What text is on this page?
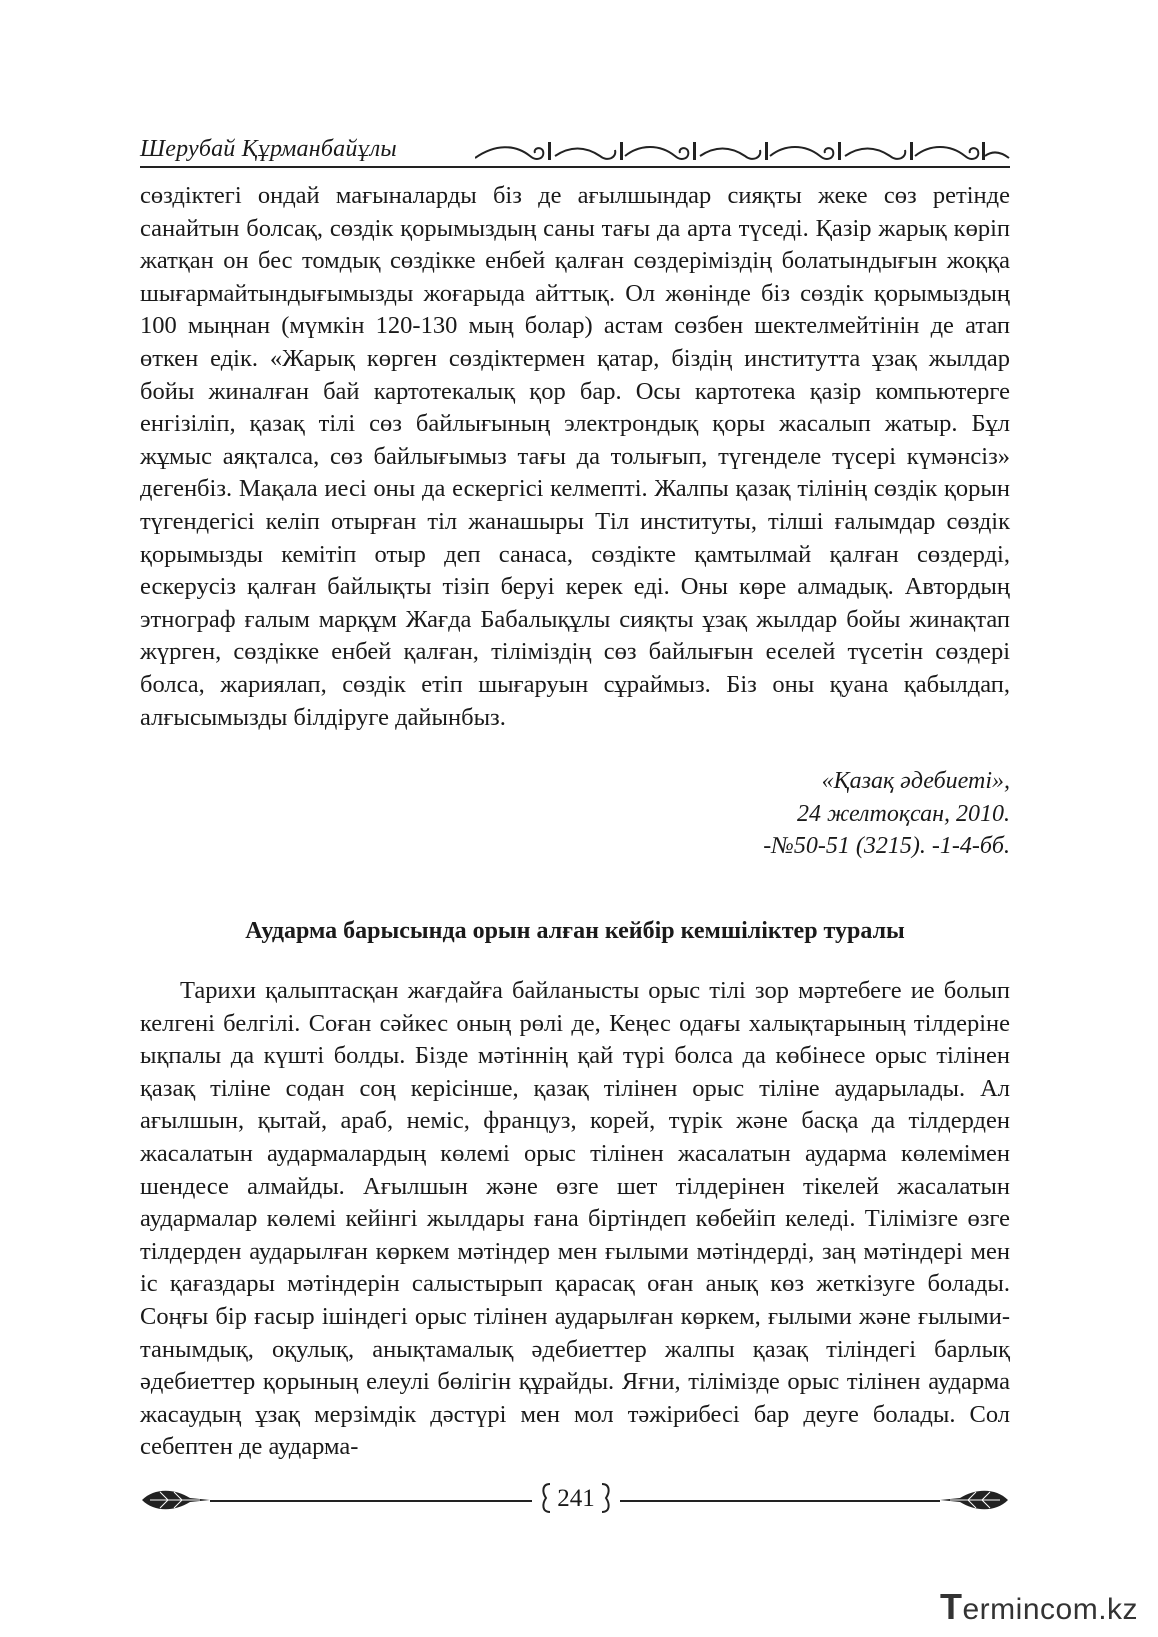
Шерубай Құрманбайұлы

сөздіктегі ондай мағыналарды біз де ағылшындар сияқты жеке сөз ретінде санайтын болсақ, сөздік қорымыздың саны тағы да арта түседі. Қазір жарық көріп жатқан он бес томдық сөздікке енбей қалған сөздеріміздің болатындығын жоққа шығармайтындығымызды жоғарыда айттық. Ол жөнінде біз сөздік қорымыздың 100 мыңнан (мүмкін 120-130 мың болар) астам сөзбен шектелмейтінін де атап өткен едік. «Жарық көрген сөздіктермен қатар, біздің институтта ұзақ жылдар бойы жиналған бай картотекалық қор бар. Осы картотека қазір компьютерге енгізіліп, қазақ тілі сөз байлығының электрондық қоры жасалып жатыр. Бұл жұмыс аяқталса, сөз байлығымыз тағы да толығып, түгенделе түсері күмәнсіз» дегенбіз. Мақала иесі оны да ескергісі келмепті. Жалпы қазақ тілінің сөздік қорын түгендегісі келіп отырған тіл жанашыры Тіл институты, тілші ғалымдар сөздік қорымызды кемітіп отыр деп санаса, сөздікте қамтылмай қалған сөздерді, ескерусіз қалған байлықты тізіп беруі керек еді. Оны көре алмадық. Автордың этнограф ғалым марқұм Жағда Бабалықұлы сияқты ұзақ жылдар бойы жинақтап жүрген, сөздікке енбей қалған, тіліміздің сөз байлығын еселей түсетін сөздері болса, жариялап, сөздік етіп шығаруын сұраймыз. Біз оны қуана қабылдап, алғысымызды білдіруге дайынбыз.

«Қазақ әдебиеті»,
24 желтоқсан, 2010.
-№50-51 (3215). -1-4-бб.
Аударма барысында орын алған кейбір кемшіліктер туралы

Тарихи қалыптасқан жағдайға байланысты орыс тілі зор мәртебеге ие болып келгені белгілі. Соған сәйкес оның рөлі де, Кеңес одағы халықтарының тілдеріне ықпалы да күшті болды. Бізде мәтіннің қай түрі болса да көбінесе орыс тілінен қазақ тіліне содан соң керісінше, қазақ тілінен орыс тіліне аударылады. Ал ағылшын, қытай, араб, неміс, француз, корей, түрік және басқа да тілдерден жасалатын аудармалардың көлемі орыс тілінен жасалатын аударма көлемімен шендесе алмайды. Ағылшын және өзге шет тілдерінен тікелей жасалатын аудармалар көлемі кейінгі жылдары ғана біртіндеп көбейіп келеді. Тілімізге өзге тілдерден аударылған көркем мәтіндер мен ғылыми мәтіндерді, заң мәтіндері мен іс қағаздары мәтіндерін салыстырып қарасақ оған анық көз жеткізуге болады. Соңғы бір ғасыр ішіндегі орыс тілінен аударылған көркем, ғылыми және ғылыми-танымдық, оқулық, анықтамалық әдебиеттер жалпы қазақ тіліндегі барлық әдебиеттер қорының елеулі бөлігін құрайды. Яғни, тілімізде орыс тілінен аударма жасаудың ұзақ мерзімдік дәстүрі мен мол тәжірибесі бар деуге болады. Сол себептен де аударма-

241
Termincom.kz
